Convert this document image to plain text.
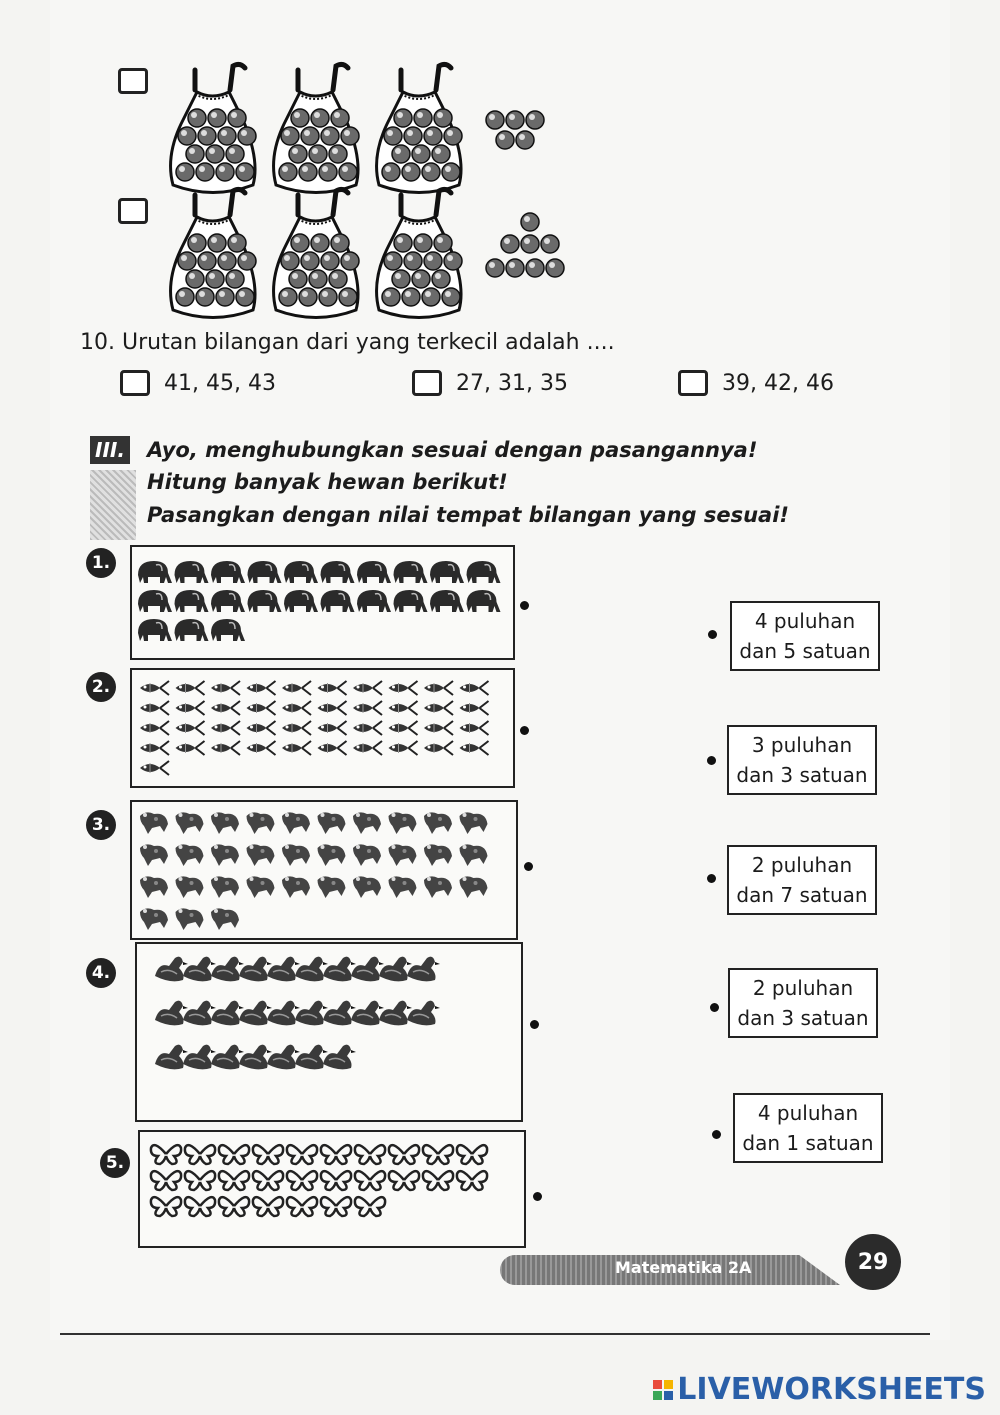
10. Urutan bilangan dari yang terkecil adalah ....
41, 45, 43	27, 31, 35	39, 42, 46
III. Ayo, menghubungkan sesuai dengan pasangannya!
Hitung banyak hewan berikut!
Pasangkan dengan nilai tempat bilangan yang sesuai!
1.
2.
3.
4.
5.
4 puluhan
dan 5 satuan
3 puluhan
dan 3 satuan
2 puluhan
dan 7 satuan
2 puluhan
dan 3 satuan
4 puluhan
dan 1 satuan
Matematika 2A	29
LIVEWORKSHEETS
